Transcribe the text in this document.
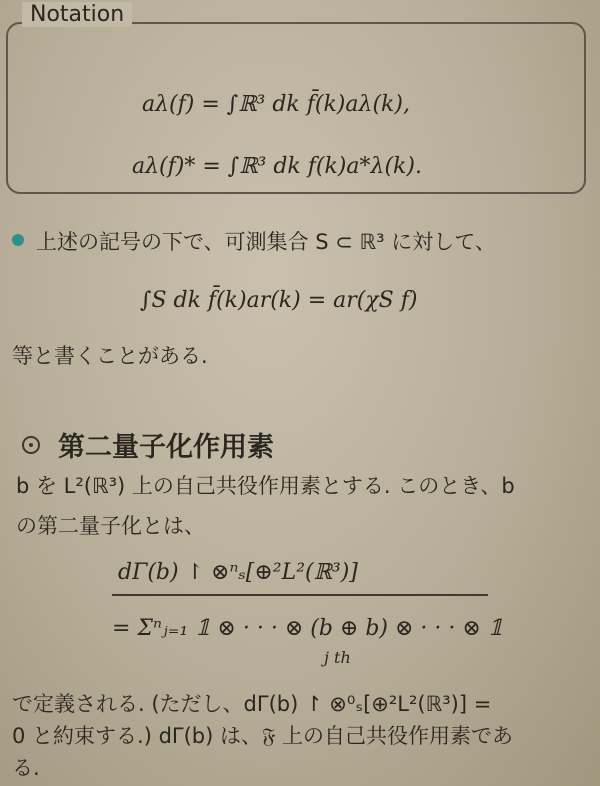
Notation
aλ(f) = ∫ℝ³ dk f̄(k)aλ(k),
aλ(f)* = ∫ℝ³ dk f(k)a*λ(k).
上述の記号の下で、可測集合 S ⊂ ℝ³ に対して、
∫S dk f̄(k)ar(k) = ar(χS f)
等と書くことがある.
第二量子化作用素
b を L²(ℝ³) 上の自己共役作用素とする. このとき、b
の第二量子化とは、
dΓ(b) ↾ ⊗ⁿₛ[⊕²L²(ℝ³)]
= Σⁿⱼ₌₁ 𝟙 ⊗ · · · ⊗ (b ⊕ b) ⊗ · · · ⊗ 𝟙
j th
で定義される. (ただし、dΓ(b) ↾ ⊗⁰ₛ[⊕²L²(ℝ³)] =
0 と約束する.) dΓ(b) は、𝔉 上の自己共役作用素であ
る.
